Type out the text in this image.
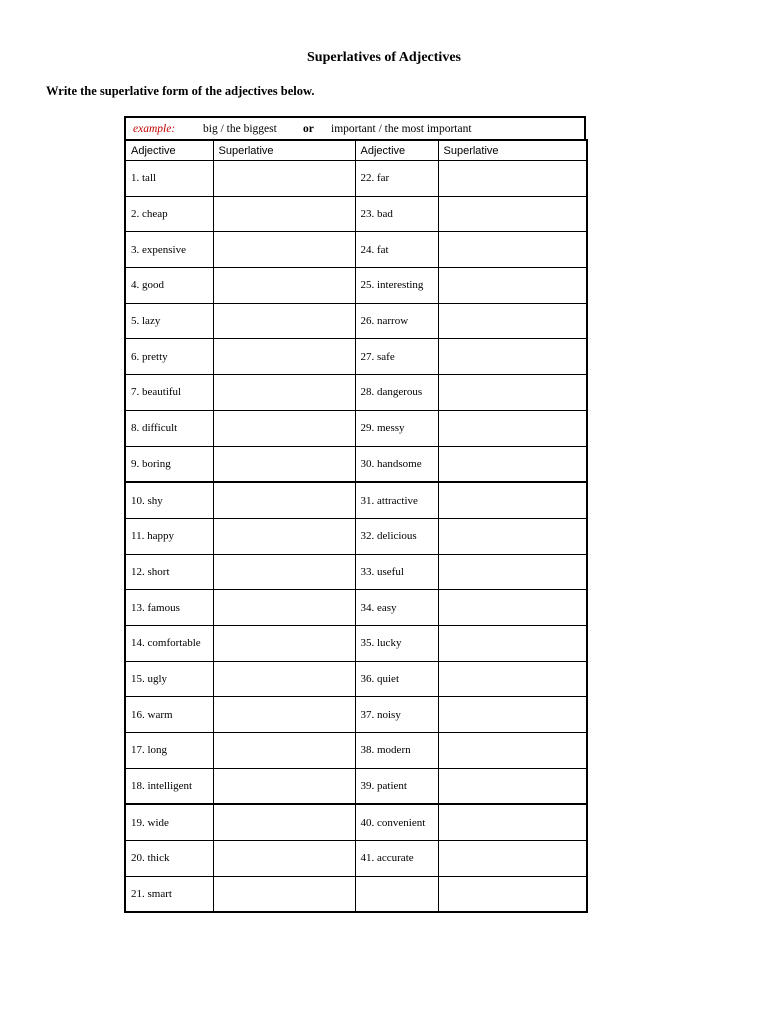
Superlatives of Adjectives
Write the superlative form of the adjectives below.
example:	big / the biggest	or	important / the most important
Adjective	Superlative	Adjective	Superlative
1. tall		22. far	
2. cheap		23. bad	
3. expensive		24. fat	
4. good		25. interesting	
5. lazy		26. narrow	
6. pretty		27. safe	
7. beautiful		28. dangerous	
8. difficult		29. messy	
9. boring		30. handsome	
10. shy		31. attractive	
11. happy		32. delicious	
12. short		33. useful	
13. famous		34. easy	
14. comfortable		35. lucky	
15. ugly		36. quiet	
16. warm		37. noisy	
17. long		38. modern	
18. intelligent		39. patient	
19. wide		40. convenient	
20. thick		41. accurate	
21. smart			
